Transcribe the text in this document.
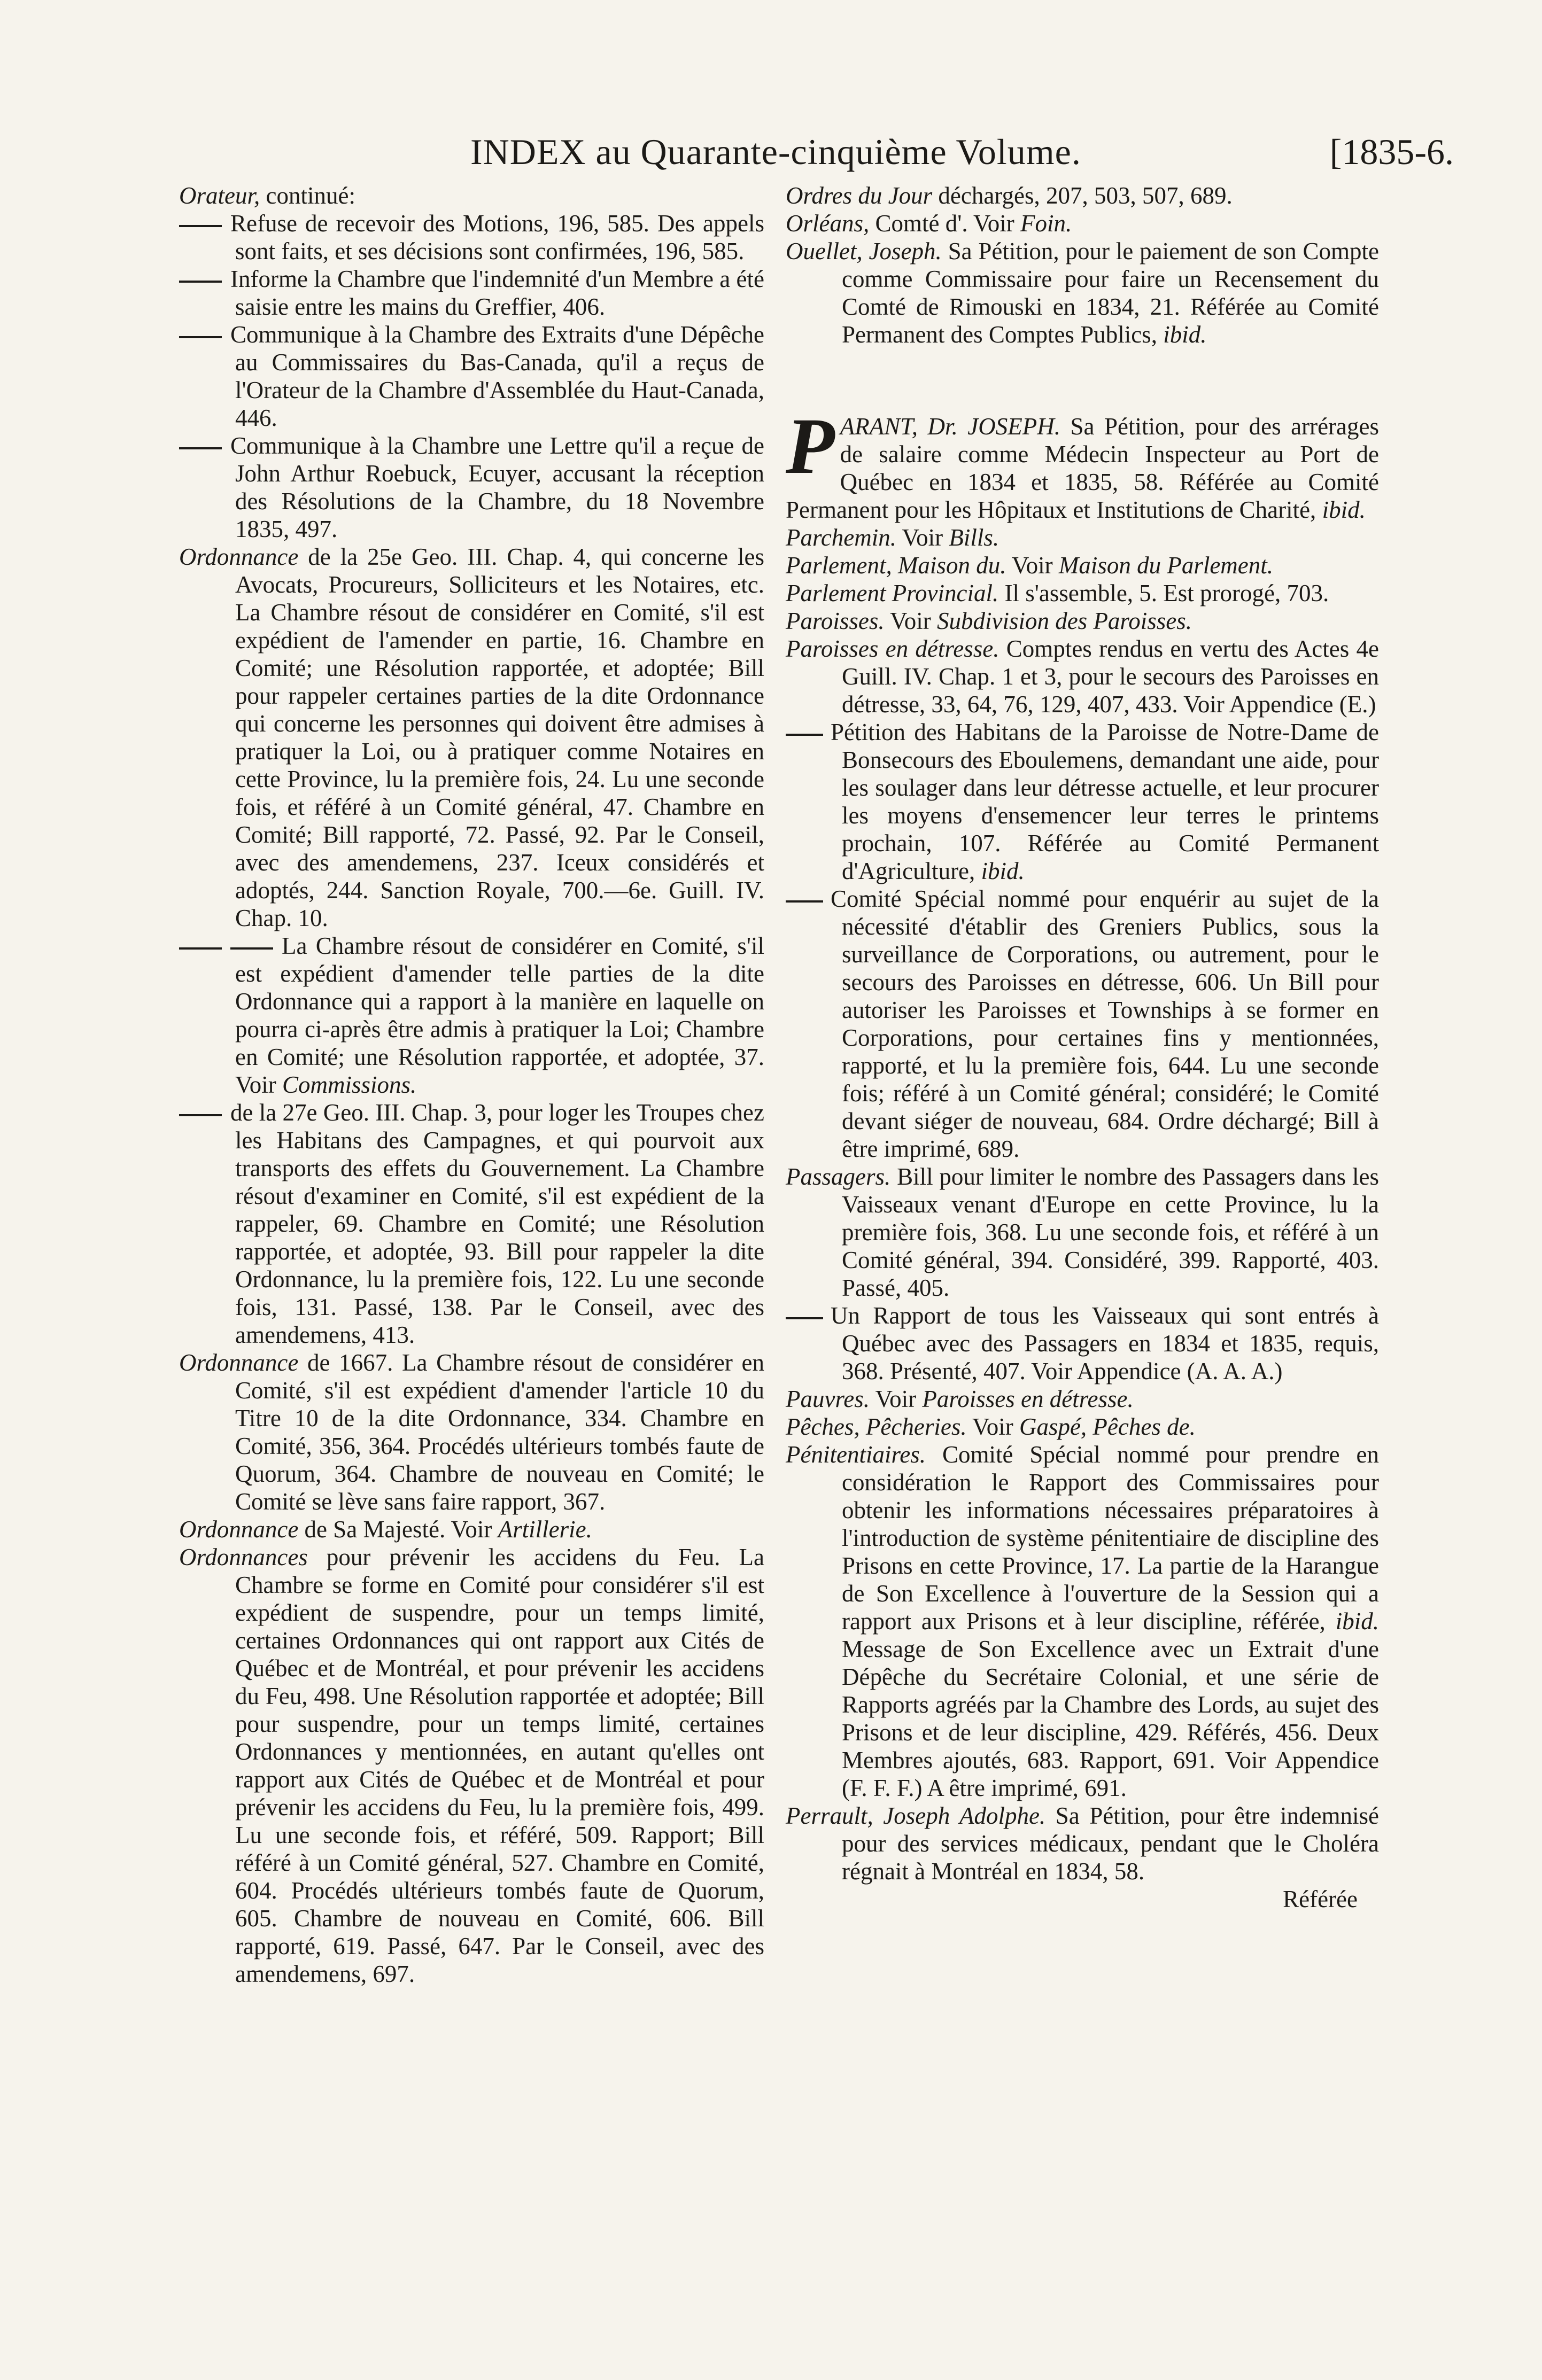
INDEX au Quarante-cinquième Volume.	[1835-6.
Orateur, continué:
Refuse de recevoir des Motions, 196, 585. Des appels sont faits, et ses décisions sont confirmées, 196, 585.
Informe la Chambre que l'indemnité d'un Membre a été saisie entre les mains du Greffier, 406.
Communique à la Chambre des Extraits d'une Dépêche au Commissaires du Bas-Canada, qu'il a reçus de l'Orateur de la Chambre d'Assemblée du Haut-Canada, 446.
Communique à la Chambre une Lettre qu'il a reçue de John Arthur Roebuck, Ecuyer, accusant la réception des Résolutions de la Chambre, du 18 Novembre 1835, 497.
Ordonnance de la 25e Geo. III. Chap. 4, qui concerne les Avocats, Procureurs, Solliciteurs et les Notaires, etc. La Chambre résout de considérer en Comité, s'il est expédient de l'amender en partie, 16. Chambre en Comité; une Résolution rapportée, et adoptée; Bill pour rappeler certaines parties de la dite Ordonnance qui concerne les personnes qui doivent être admises à pratiquer la Loi, ou à pratiquer comme Notaires en cette Province, lu la première fois, 24. Lu une seconde fois, et référé à un Comité général, 47. Chambre en Comité; Bill rapporté, 72. Passé, 92. Par le Conseil, avec des amendemens, 237. Iceux considérés et adoptés, 244. Sanction Royale, 700.—6e. Guill. IV. Chap. 10.
La Chambre résout de considérer en Comité, s'il est expédient d'amender telle parties de la dite Ordonnance qui a rapport à la manière en laquelle on pourra ci-après être admis à pratiquer la Loi; Chambre en Comité; une Résolution rapportée, et adoptée, 37. Voir Commissions.
de la 27e Geo. III. Chap. 3, pour loger les Troupes chez les Habitans des Campagnes, et qui pourvoit aux transports des effets du Gouvernement. La Chambre résout d'examiner en Comité, s'il est expédient de la rappeler, 69. Chambre en Comité; une Résolution rapportée, et adoptée, 93. Bill pour rappeler la dite Ordonnance, lu la première fois, 122. Lu une seconde fois, 131. Passé, 138. Par le Conseil, avec des amendemens, 413.
Ordonnance de 1667. La Chambre résout de considérer en Comité, s'il est expédient d'amender l'article 10 du Titre 10 de la dite Ordonnance, 334. Chambre en Comité, 356, 364. Procédés ultérieurs tombés faute de Quorum, 364. Chambre de nouveau en Comité; le Comité se lève sans faire rapport, 367.
Ordonnance de Sa Majesté. Voir Artillerie.
Ordonnances pour prévenir les accidens du Feu. La Chambre se forme en Comité pour considérer s'il est expédient de suspendre, pour un temps limité, certaines Ordonnances qui ont rapport aux Cités de Québec et de Montréal, et pour prévenir les accidens du Feu, 498. Une Résolution rapportée et adoptée; Bill pour suspendre, pour un temps limité, certaines Ordonnances y mentionnées, en autant qu'elles ont rapport aux Cités de Québec et de Montréal et pour prévenir les accidens du Feu, lu la première fois, 499. Lu une seconde fois, et référé, 509. Rapport; Bill référé à un Comité général, 527. Chambre en Comité, 604. Procédés ultérieurs tombés faute de Quorum, 605. Chambre de nouveau en Comité, 606. Bill rapporté, 619. Passé, 647. Par le Conseil, avec des amendemens, 697.
Ordres du Jour déchargés, 207, 503, 507, 689.
Orléans, Comté d'. Voir Foin.
Ouellet, Joseph. Sa Pétition, pour le paiement de son Compte comme Commissaire pour faire un Recensement du Comté de Rimouski en 1834, 21. Référée au Comité Permanent des Comptes Publics, ibid.
P ARANT, Dr. JOSEPH. Sa Pétition, pour des arrérages de salaire comme Médecin Inspecteur au Port de Québec en 1834 et 1835, 58. Référée au Comité Permanent pour les Hôpitaux et Institutions de Charité, ibid.
Parchemin. Voir Bills.
Parlement, Maison du. Voir Maison du Parlement.
Parlement Provincial. Il s'assemble, 5. Est prorogé, 703.
Paroisses. Voir Subdivision des Paroisses.
Paroisses en détresse. Comptes rendus en vertu des Actes 4e Guill. IV. Chap. 1 et 3, pour le secours des Paroisses en détresse, 33, 64, 76, 129, 407, 433. Voir Appendice (E.)
Pétition des Habitans de la Paroisse de Notre-Dame de Bonsecours des Eboulemens, demandant une aide, pour les soulager dans leur détresse actuelle, et leur procurer les moyens d'ensemencer leur terres le printems prochain, 107. Référée au Comité Permanent d'Agriculture, ibid.
Comité Spécial nommé pour enquérir au sujet de la nécessité d'établir des Greniers Publics, sous la surveillance de Corporations, ou autrement, pour le secours des Paroisses en détresse, 606. Un Bill pour autoriser les Paroisses et Townships à se former en Corporations, pour certaines fins y mentionnées, rapporté, et lu la première fois, 644. Lu une seconde fois; référé à un Comité général; considéré; le Comité devant siéger de nouveau, 684. Ordre déchargé; Bill à être imprimé, 689.
Passagers. Bill pour limiter le nombre des Passagers dans les Vaisseaux venant d'Europe en cette Province, lu la première fois, 368. Lu une seconde fois, et référé à un Comité général, 394. Considéré, 399. Rapporté, 403. Passé, 405.
Un Rapport de tous les Vaisseaux qui sont entrés à Québec avec des Passagers en 1834 et 1835, requis, 368. Présenté, 407. Voir Appendice (A. A. A.)
Pauvres. Voir Paroisses en détresse.
Pêches, Pêcheries. Voir Gaspé, Pêches de.
Pénitentiaires. Comité Spécial nommé pour prendre en considération le Rapport des Commissaires pour obtenir les informations nécessaires préparatoires à l'introduction de système pénitentiaire de discipline des Prisons en cette Province, 17. La partie de la Harangue de Son Excellence à l'ouverture de la Session qui a rapport aux Prisons et à leur discipline, référée, ibid. Message de Son Excellence avec un Extrait d'une Dépêche du Secrétaire Colonial, et une série de Rapports agréés par la Chambre des Lords, au sujet des Prisons et de leur discipline, 429. Référés, 456. Deux Membres ajoutés, 683. Rapport, 691. Voir Appendice (F. F. F.) A être imprimé, 691.
Perrault, Joseph Adolphe. Sa Pétition, pour être indemnisé pour des services médicaux, pendant que le Choléra régnait à Montréal en 1834, 58.
Référée
